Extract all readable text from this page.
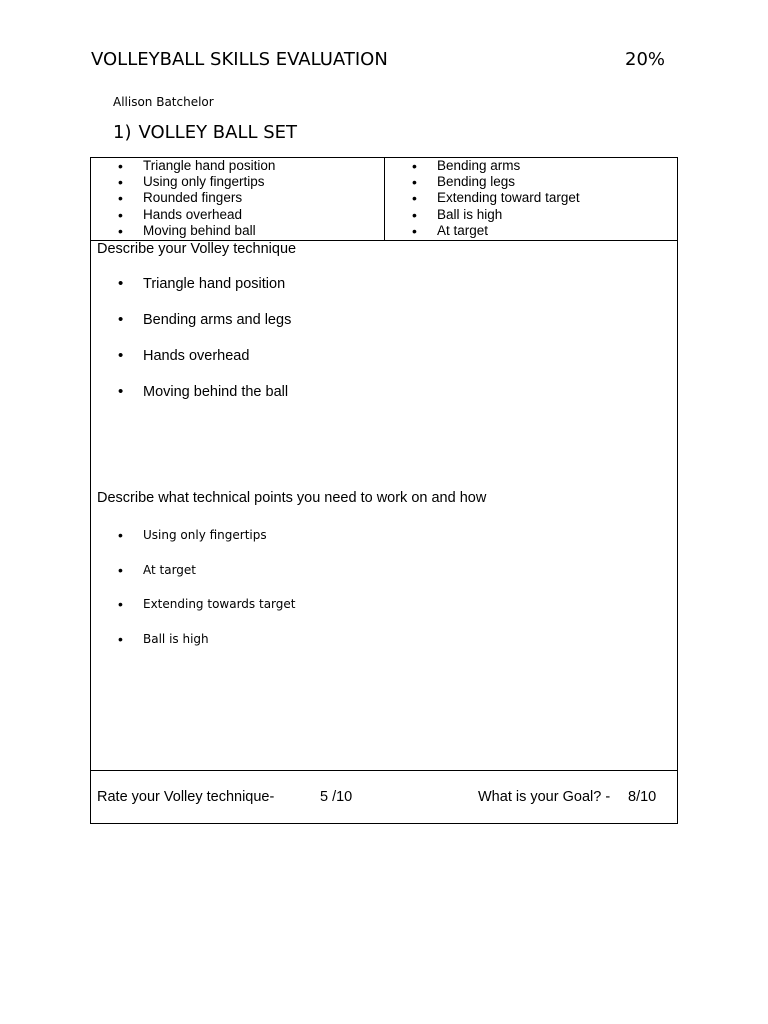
VOLLEYBALL SKILLS EVALUATION	20%
Allison Batchelor
1) VOLLEY BALL SET
• Triangle hand position
• Using only fingertips
• Rounded fingers
• Hands overhead
• Moving behind ball
• Bending arms
• Bending legs
• Extending toward target
• Ball is high
• At target
Describe your Volley technique
• Triangle hand position
• Bending arms and legs
• Hands overhead
• Moving behind the ball
Describe what technical points you need to work on and how
• Using only fingertips
• At target
• Extending towards target
• Ball is high
Rate your Volley technique-	5 /10	What is your Goal? - 8/10
